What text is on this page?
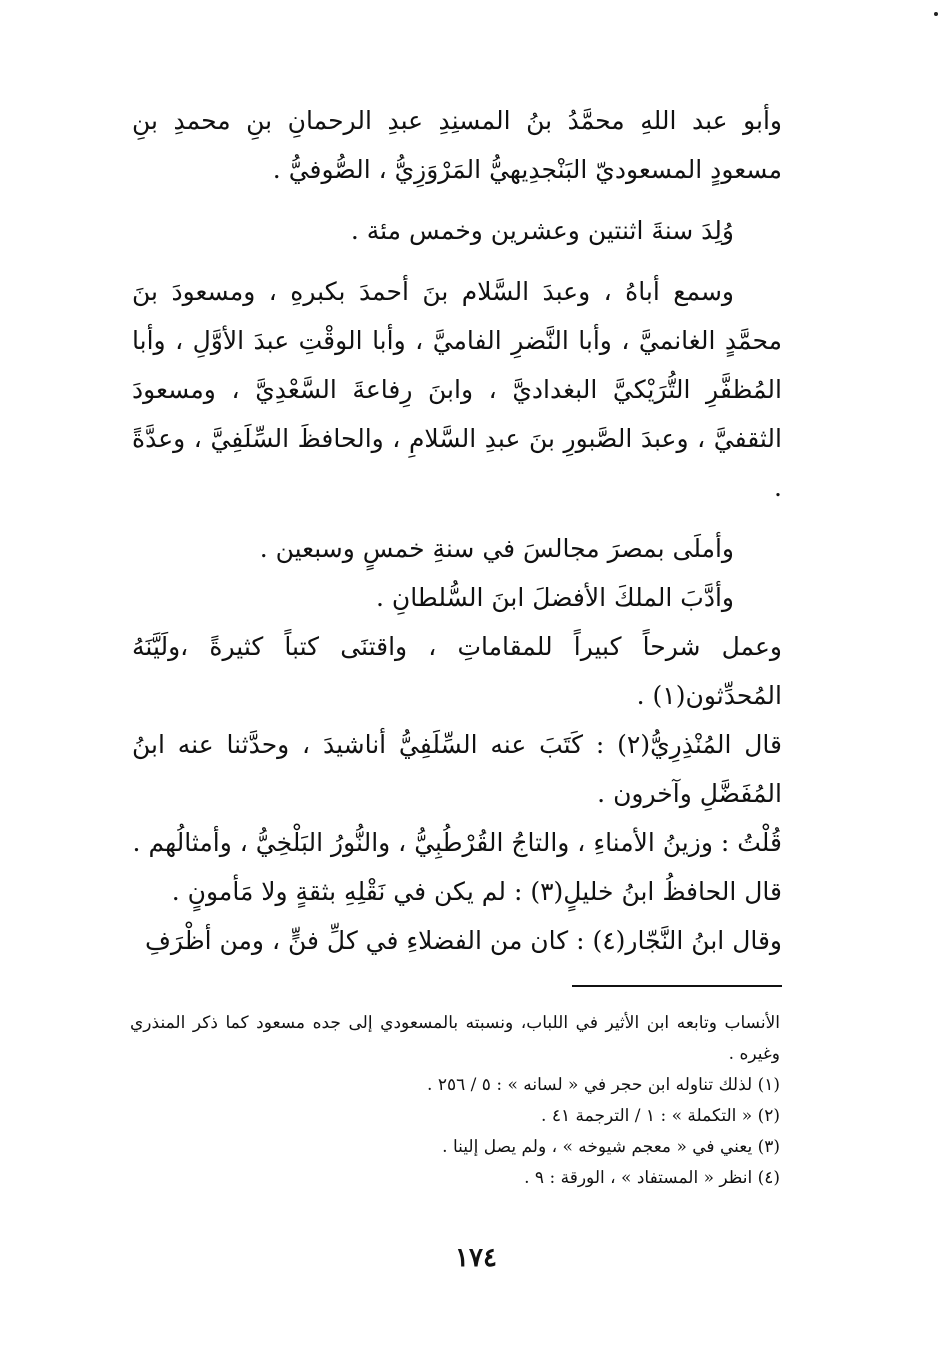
وأبو عبد اللهِ محمَّدُ بنُ المسنِدِ عبدِ الرحمانِ بنِ محمدِ بنِ مسعودٍ المسعوديّ البَنْجدِيهيُّ المَرْوَزِيُّ ، الصُّوفيُّ .

وُلِدَ سنةَ اثنتين وعشرين وخمس مئة .

وسمع أباهُ ، وعبدَ السَّلام بنَ أحمدَ بكبرهِ ، ومسعودَ بنَ محمَّدٍ الغانميَّ ، وأبا النَّضرِ الفاميَّ ، وأبا الوقْتِ عبدَ الأوَّلِ ، وأبا المُظفَّرِ التُّرَيْكيَّ البغداديَّ ، وابنَ رِفاعةَ السَّعْدِيَّ ، ومسعودَ الثقفيَّ ، وعبدَ الصَّبورِ بنَ عبدِ السَّلامِ ، والحافظَ السِّلَفِيَّ ، وعدَّةً .

وأملَى بمصرَ مجالسَ في سنةِ خمسٍ وسبعين .

وأدَّبَ الملكَ الأفضلَ ابنَ السُّلطانِ .

وعمل شرحاً كبيراً للمقاماتِ ، واقتنَى كتباً كثيرةً ،ولَيَّنَهُ المُحدِّثون(١) .

قال المُنْذِرِيُّ(٢) : كَتَبَ عنه السِّلَفِيُّ أناشيدَ ، وحدَّثنا عنه ابنُ المُفَضَّلِ وآخرون .

قُلْتُ : وزينُ الأمناءِ ، والتاجُ القُرْطُبِيُّ ، والنُّورُ البَلْخِيُّ ، وأمثالُهم .

قال الحافظُ ابنُ خليلٍ(٣) : لم يكن في نَقْلِهِ بثقةٍ ولا مَأمونٍ .

وقال ابنُ النَّجّار(٤) : كان من الفضلاءِ في كلِّ فنٍّ ، ومن أظْرَفِ

الأنساب وتابعه ابن الأثير في اللباب، ونسبته بالمسعودي إلى جده مسعود كما ذكر المنذري وغيره .

(١) لذلك تناوله ابن حجر في « لسانه » : ٥ / ٢٥٦ .
(٢) « التكملة » : ١ / الترجمة ٤١ .
(٣) يعني في « معجم شيوخه » ، ولم يصل إلينا .
(٤) انظر « المستفاد » ، الورقة : ٩ .
١٧٤
